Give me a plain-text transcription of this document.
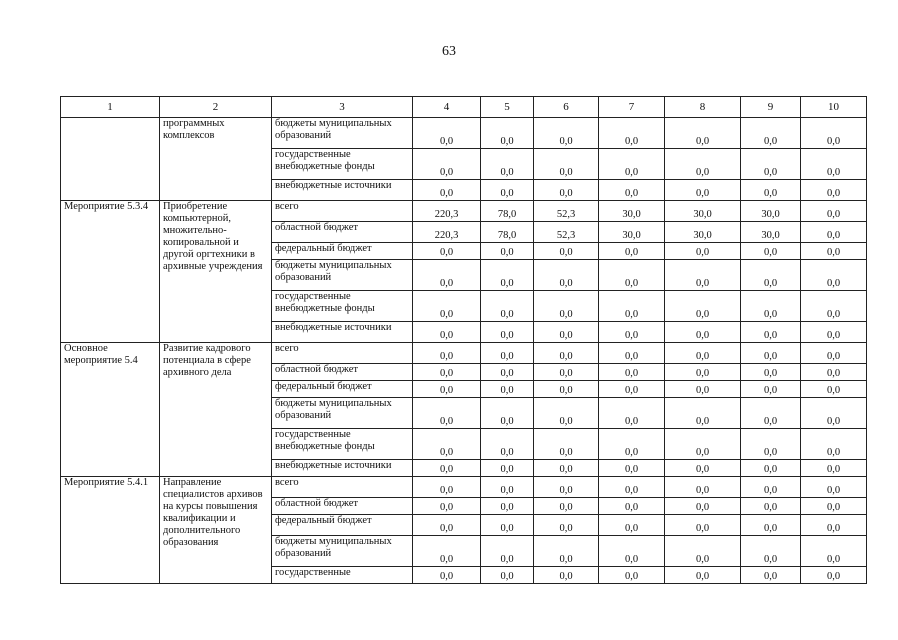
63
1	2	3	4	5	6	7	8	9	10
	программных комплексов	бюджеты муниципальных образований	0,0	0,0	0,0	0,0	0,0	0,0	0,0
		государственные внебюджетные фонды	0,0	0,0	0,0	0,0	0,0	0,0	0,0
		внебюджетные источники	0,0	0,0	0,0	0,0	0,0	0,0	0,0
Мероприятие 5.3.4	Приобретение компьютерной, множительно-копировальной и другой оргтехники в архивные учреждения	всего	220,3	78,0	52,3	30,0	30,0	30,0	0,0
		областной бюджет	220,3	78,0	52,3	30,0	30,0	30,0	0,0
		федеральный бюджет	0,0	0,0	0,0	0,0	0,0	0,0	0,0
		бюджеты муниципальных образований	0,0	0,0	0,0	0,0	0,0	0,0	0,0
		государственные внебюджетные фонды	0,0	0,0	0,0	0,0	0,0	0,0	0,0
		внебюджетные источники	0,0	0,0	0,0	0,0	0,0	0,0	0,0
Основное мероприятие 5.4	Развитие кадрового потенциала в сфере архивного дела	всего	0,0	0,0	0,0	0,0	0,0	0,0	0,0
		областной бюджет	0,0	0,0	0,0	0,0	0,0	0,0	0,0
		федеральный бюджет	0,0	0,0	0,0	0,0	0,0	0,0	0,0
		бюджеты муниципальных образований	0,0	0,0	0,0	0,0	0,0	0,0	0,0
		государственные внебюджетные фонды	0,0	0,0	0,0	0,0	0,0	0,0	0,0
		внебюджетные источники	0,0	0,0	0,0	0,0	0,0	0,0	0,0
Мероприятие 5.4.1	Направление специалистов архивов на курсы повышения квалификации и дополнительного образования	всего	0,0	0,0	0,0	0,0	0,0	0,0	0,0
		областной бюджет	0,0	0,0	0,0	0,0	0,0	0,0	0,0
		федеральный бюджет	0,0	0,0	0,0	0,0	0,0	0,0	0,0
		бюджеты муниципальных образований	0,0	0,0	0,0	0,0	0,0	0,0	0,0
		государственные	0,0	0,0	0,0	0,0	0,0	0,0	0,0
